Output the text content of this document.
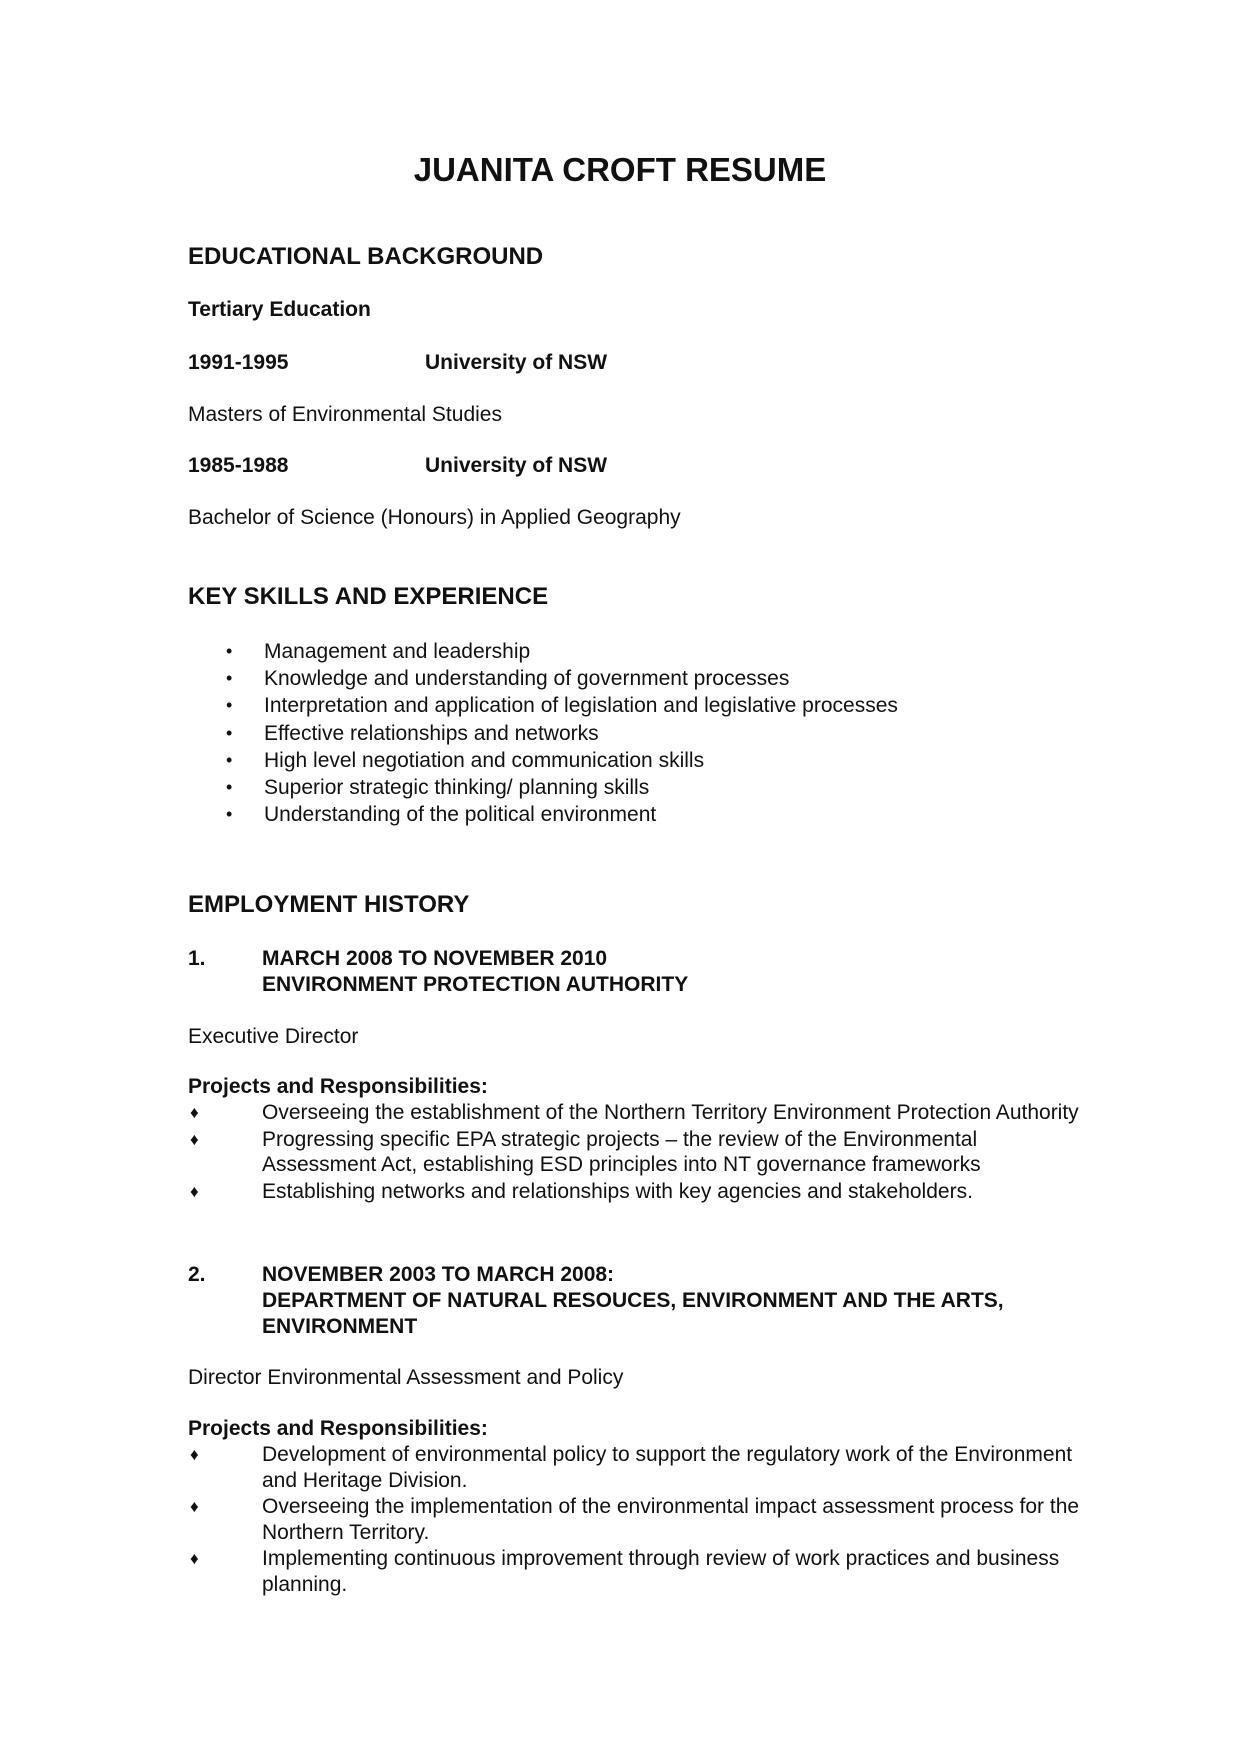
JUANITA CROFT RESUME
EDUCATIONAL BACKGROUND
Tertiary Education
1991-1995	University of NSW
Masters of Environmental Studies
1985-1988	University of NSW
Bachelor of Science (Honours) in Applied Geography
KEY SKILLS AND EXPERIENCE
• Management and leadership
• Knowledge and understanding of government processes
• Interpretation and application of legislation and legislative processes
• Effective relationships and networks
• High level negotiation and communication skills
• Superior strategic thinking/ planning skills
• Understanding of the political environment
EMPLOYMENT HISTORY
1.	MARCH 2008 TO NOVEMBER 2010
ENVIRONMENT PROTECTION AUTHORITY
Executive Director
Projects and Responsibilities:
♦	Overseeing the establishment of the Northern Territory Environment Protection Authority
♦	Progressing specific EPA strategic projects – the review of the Environmental Assessment Act, establishing ESD principles into NT governance frameworks
♦	Establishing networks and relationships with key agencies and stakeholders.
2.	NOVEMBER 2003 TO MARCH 2008:
DEPARTMENT OF NATURAL RESOUCES, ENVIRONMENT AND THE ARTS,
ENVIRONMENT
Director Environmental Assessment and Policy
Projects and Responsibilities:
♦	Development of environmental policy to support the regulatory work of the Environment and Heritage Division.
♦	Overseeing the implementation of the environmental impact assessment process for the Northern Territory.
♦	Implementing continuous improvement through review of work practices and business planning.
